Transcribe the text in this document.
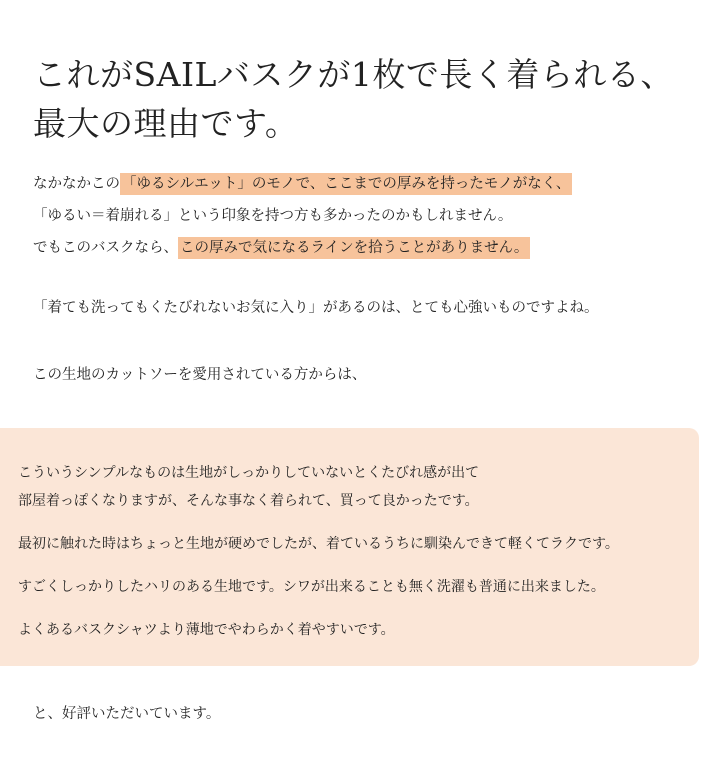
これがSAILバスクが1枚で長く着られる、
最大の理由です。
なかなかこの 「ゆるシルエット」のモノで、ここまでの厚みを持ったモノがなく、
「ゆるい＝着崩れる」という印象を持つ方も多かったのかもしれません。
でもこのバスクなら、 この厚みで気になるラインを拾うことがありません。
「着ても洗ってもくたびれないお気に入り」があるのは、とても心強いものですよね。
この生地のカットソーを愛用されている方からは、
こういうシンプルなものは生地がしっかりしていないとくたびれ感が出て
部屋着っぽくなりますが、そんな事なく着られて、買って良かったです。
最初に触れた時はちょっと生地が硬めでしたが、着ているうちに馴染んできて軽くてラクです。
すごくしっかりしたハリのある生地です。シワが出来ることも無く洗濯も普通に出来ました。
よくあるバスクシャツより薄地でやわらかく着やすいです。
と、好評いただいています。
